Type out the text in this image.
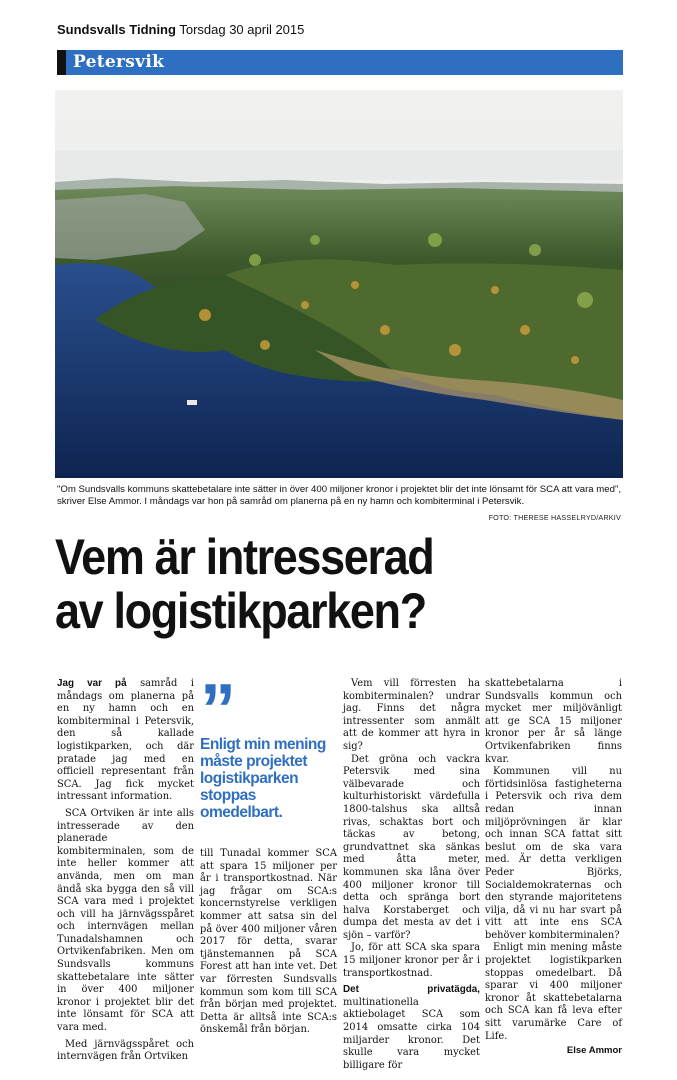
Sundsvalls Tidning Torsdag 30 april 2015
Petersvik
"Om Sundsvalls kommuns skattebetalare inte sätter in över 400 miljoner kronor i projektet blir det inte lönsamt för SCA att vara med", skriver Else Ammor. I måndags var hon på samråd om planerna på en ny hamn och kombiterminal i Petersvik.
FOTO: THERESE HASSELRYD/ARKIV
Vem är intresserad
av logistikparken?

Jag var på samråd i måndags om planerna på en ny hamn och en kombiterminal i Petersvik, den så kallade logistikparken, och där pratade jag med en officiell representant från SCA. Jag fick mycket intressant information.

SCA Ortviken är inte alls intresserade av den planerade kombiterminalen, som de inte heller kommer att använda, men om man ändå ska bygga den så vill SCA vara med i projektet och vill ha järnvägsspåret och internvägen mellan Tunadalshamnen och Ortvikenfabriken. Men om Sundsvalls kommuns skattebetalare inte sätter in över 400 miljoner kronor i projektet blir det inte lönsamt för SCA att vara med.

Med järnvägsspåret och internvägen från Ortviken

”
Enligt min mening måste projektet logistikparken stoppas omedelbart.

till Tunadal kommer SCA att spara 15 miljoner per år i transportkostnad. När jag frågar om SCA:s koncernstyrelse verkligen kommer att satsa sin del på över 400 miljoner våren 2017 för detta, svarar tjänstemannen på SCA Forest att han inte vet. Det var förresten Sundsvalls kommun som kom till SCA från början med projektet. Detta är alltså inte SCA:s önskemål från början.

Vem vill förresten ha kombiterminalen? undrar jag. Finns det några intressenter som anmält att de kommer att hyra in sig?

Det gröna och vackra Petersvik med sina välbevarade och kulturhistoriskt värdefulla 1800-talshus ska alltså rivas, schaktas bort och täckas av betong, grundvattnet ska sänkas med åtta meter, kommunen ska låna över 400 miljoner kronor till detta och spränga bort halva Korstaberget och dumpa det mesta av det i sjön – varför?

Jo, för att SCA ska spara 15 miljoner kronor per år i transportkostnad.

Det privatägda, multinationella aktiebolaget SCA som 2014 omsatte cirka 104 miljarder kronor. Det skulle vara mycket billigare för

skattebetalarna i Sundsvalls kommun och mycket mer miljövänligt att ge SCA 15 miljoner kronor per år så länge Ortvikenfabriken finns kvar.

Kommunen vill nu förtidsinlösa fastigheterna i Petersvik och riva dem redan innan miljöprövningen är klar och innan SCA fattat sitt beslut om de ska vara med. Är detta verkligen Peder Björks, Socialdemokraternas och den styrande majoritetens vilja, då vi nu har svart på vitt att inte ens SCA behöver kombiterminalen?

Enligt min mening måste projektet logistikparken stoppas omedelbart. Då sparar vi 400 miljoner kronor åt skattebetalarna och SCA kan få leva efter sitt varumärke Care of Life.

Else Ammor
